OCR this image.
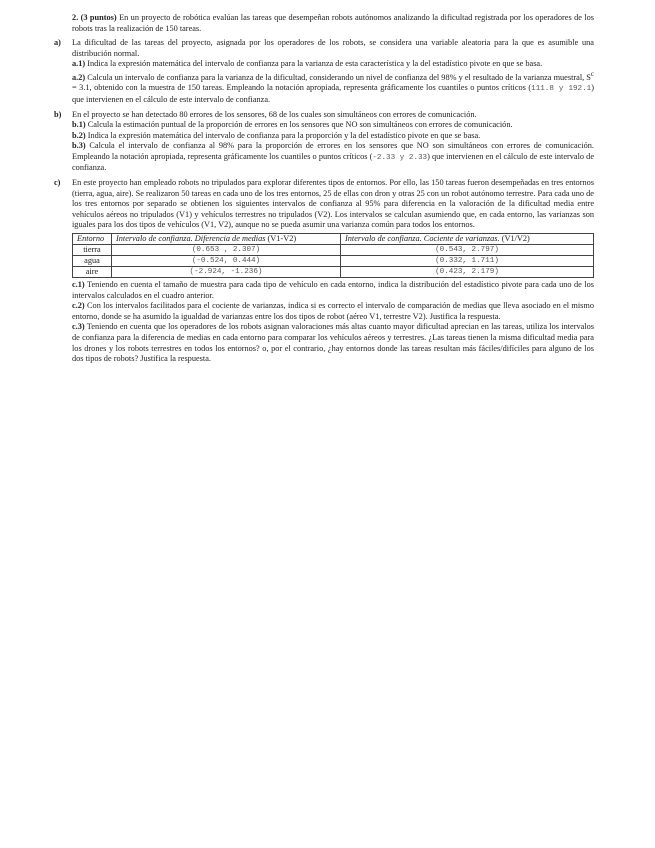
2. (3 puntos) En un proyecto de robótica evalúan las tareas que desempeñan robots autónomos analizando la dificultad registrada por los operadores de los robots tras la realización de 150 tareas.

a) La dificultad de las tareas del proyecto, asignada por los operadores de los robots, se considera una variable aleatoria para la que es asumible una distribución normal.

a.1) Indica la expresión matemática del intervalo de confianza para la varianza de esta característica y la del estadístico pivote en que se basa.

a.2) Calcula un intervalo de confianza para la varianza de la dificultad, considerando un nivel de confianza del 98% y el resultado de la varianza muestral, $S^c = 3.1$, obtenido con la muestra de 150 tareas. Empleando la notación apropiada, representa gráficamente los cuantiles o puntos críticos (111.8 y 192.1) que intervienen en el cálculo de este intervalo de confianza.

b) En el proyecto se han detectado 80 errores de los sensores, 68 de los cuales son simultáneos con errores de comunicación.

b.1) Calcula la estimación puntual de la proporción de errores en los sensores que NO son simultáneos con errores de comunicación.

b.2) Indica la expresión matemática del intervalo de confianza para la proporción y la del estadístico pivote en que se basa.

b.3) Calcula el intervalo de confianza al 98% para la proporción de errores en los sensores que NO son simultáneos con errores de comunicación. Empleando la notación apropiada, representa gráficamente los cuantiles o puntos críticos (-2.33 y 2.33) que intervienen en el cálculo de este intervalo de confianza.

c) En este proyecto han empleado robots no tripulados para explorar diferentes tipos de entornos. Por ello, las 150 tareas fueron desempeñadas en tres entornos (tierra, agua, aire). Se realizaron 50 tareas en cada uno de los tres entornos, 25 de ellas con dron y otras 25 con un robot autónomo terrestre. Para cada uno de los tres entornos por separado se obtienen los siguientes intervalos de confianza al 95% para diferencia en la valoración de la dificultad media entre vehículos aéreos no tripulados (V1) y vehículos terrestres no tripulados (V2). Los intervalos se calculan asumiendo que, en cada entorno, las varianzas son iguales para los dos tipos de vehículos (V1, V2), aunque no se pueda asumir una varianza común para todos los entornos.

Entorno	Intervalo de confianza. Diferencia de medias (V1-V2)	Intervalo de confianza. Cociente de varianzas. (V1/V2)
tierra	(0.653 , 2.307)	(0.543, 2.797)
agua	(-0.524, 0.444)	(0.332, 1.711)
aire	(-2.924, -1.236)	(0.423, 2.179)

c.1) Teniendo en cuenta el tamaño de muestra para cada tipo de vehículo en cada entorno, indica la distribución del estadístico pivote para cada uno de los intervalos calculados en el cuadro anterior.

c.2) Con los intervalos facilitados para el cociente de varianzas, indica si es correcto el intervalo de comparación de medias que lleva asociado en el mismo entorno, donde se ha asumido la igualdad de varianzas entre los dos tipos de robot (aéreo V1, terrestre V2). Justifica la respuesta.

c.3) Teniendo en cuenta que los operadores de los robots asignan valoraciones más altas cuanto mayor dificultad aprecian en las tareas, utiliza los intervalos de confianza para la diferencia de medias en cada entorno para comparar los vehículos aéreos y terrestres. ¿Las tareas tienen la misma dificultad media para los drones y los robots terrestres en todos los entornos? o, por el contrario, ¿hay entornos donde las tareas resultan más fáciles/difíciles para alguno de los dos tipos de robots? Justifica la respuesta.
